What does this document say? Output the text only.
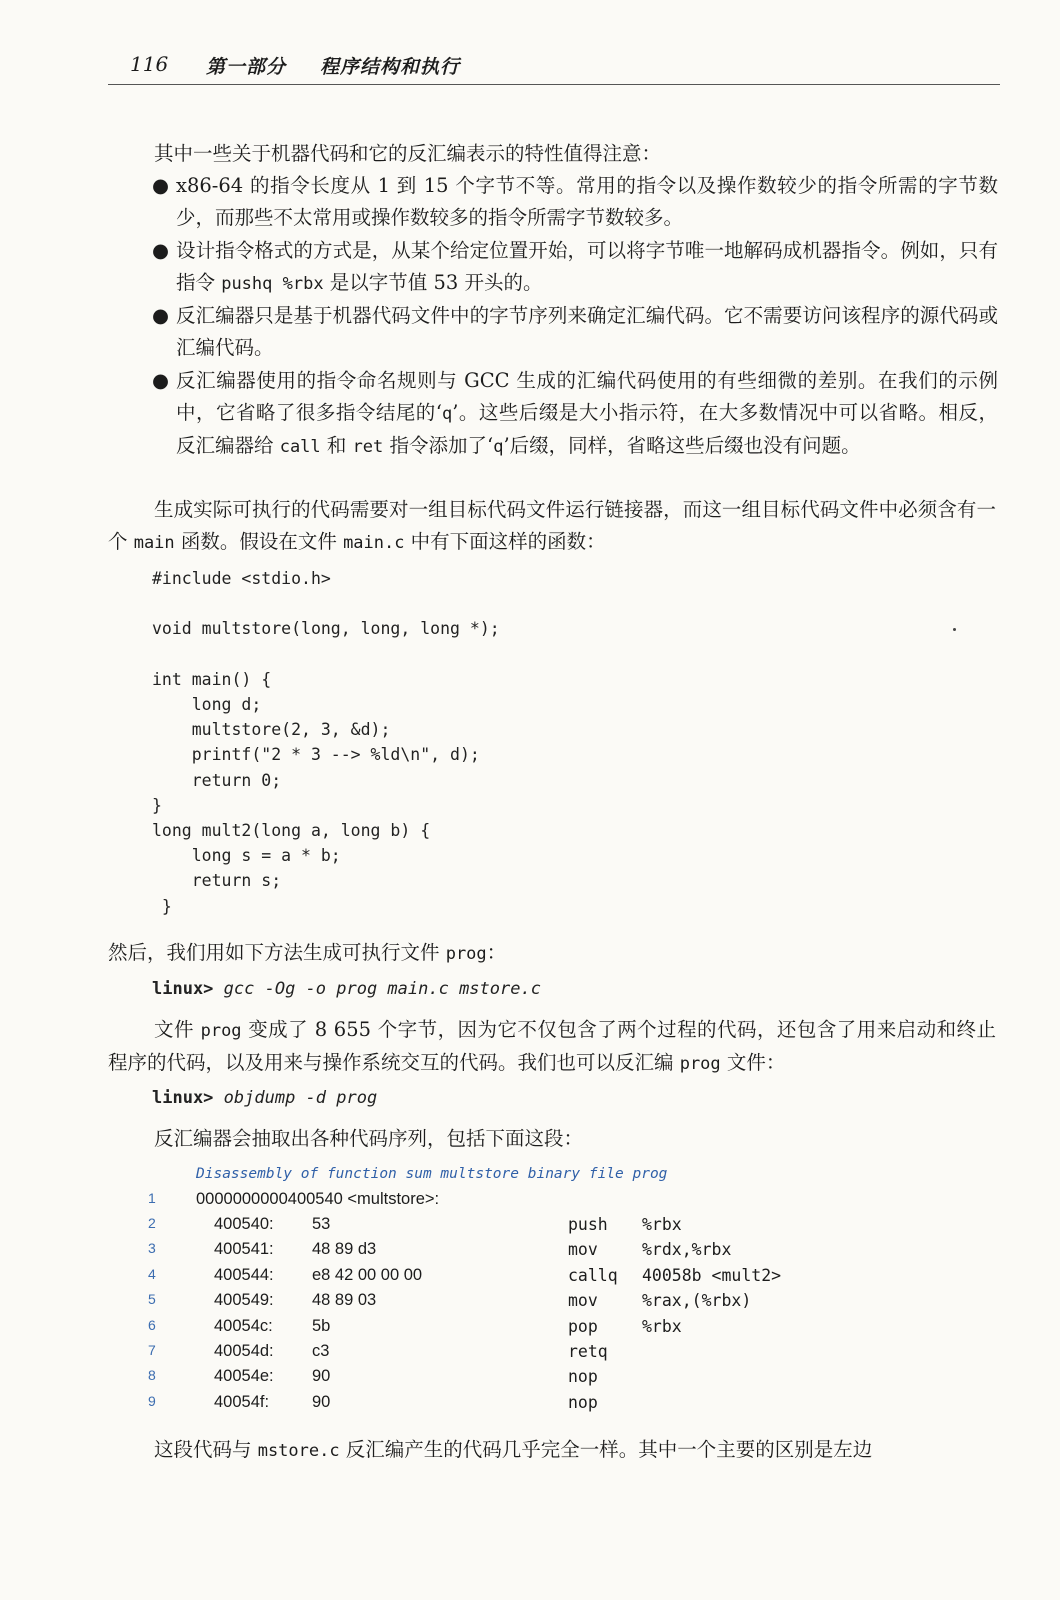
116 第一部分 程序结构和执行
其中一些关于机器代码和它的反汇编表示的特性值得注意：
● x86-64 的指令长度从 1 到 15 个字节不等。常用的指令以及操作数较少的指令所需的字节数少，而那些不太常用或操作数较多的指令所需字节数较多。
● 设计指令格式的方式是，从某个给定位置开始，可以将字节唯一地解码成机器指令。例如，只有指令 pushq %rbx 是以字节值 53 开头的。
● 反汇编器只是基于机器代码文件中的字节序列来确定汇编代码。它不需要访问该程序的源代码或汇编代码。
● 反汇编器使用的指令命名规则与 GCC 生成的汇编代码使用的有些细微的差别。在我们的示例中，它省略了很多指令结尾的‘q’。这些后缀是大小指示符，在大多数情况中可以省略。相反，反汇编器给 call 和 ret 指令添加了‘q’后缀，同样，省略这些后缀也没有问题。
生成实际可执行的代码需要对一组目标代码文件运行链接器，而这一组目标代码文件中必须含有一个 main 函数。假设在文件 main.c 中有下面这样的函数：
#include <stdio.h>

void multstore(long, long, long *);

int main() {
long d;
multstore(2, 3, &d);
printf("2 * 3 --> %ld\n", d);
return 0;
}
long mult2(long a, long b) {
long s = a * b;
return s;
}
然后，我们用如下方法生成可执行文件 prog：
linux> gcc -Og -o prog main.c mstore.c
文件 prog 变成了 8 655 个字节，因为它不仅包含了两个过程的代码，还包含了用来启动和终止程序的代码，以及用来与操作系统交互的代码。我们也可以反汇编 prog 文件：
linux> objdump -d prog
反汇编器会抽取出各种代码序列，包括下面这段：
Disassembly of function sum multstore binary file prog
1	0000000000400540 <multstore>:
2	400540: 53	push %rbx
3	400541: 48 89 d3	mov	%rdx,%rbx
4	400544: e8 42 00 00 00	callq 40058b <mult2>
5	400549: 48 89 03	mov	%rax,(%rbx)
6	40054c: 5b	pop	%rbx
7	40054d: c3	retq
8	40054e: 90	nop
9	40054f:	90	nop
这段代码与 mstore.c 反汇编产生的代码几乎完全一样。其中一个主要的区别是左边
